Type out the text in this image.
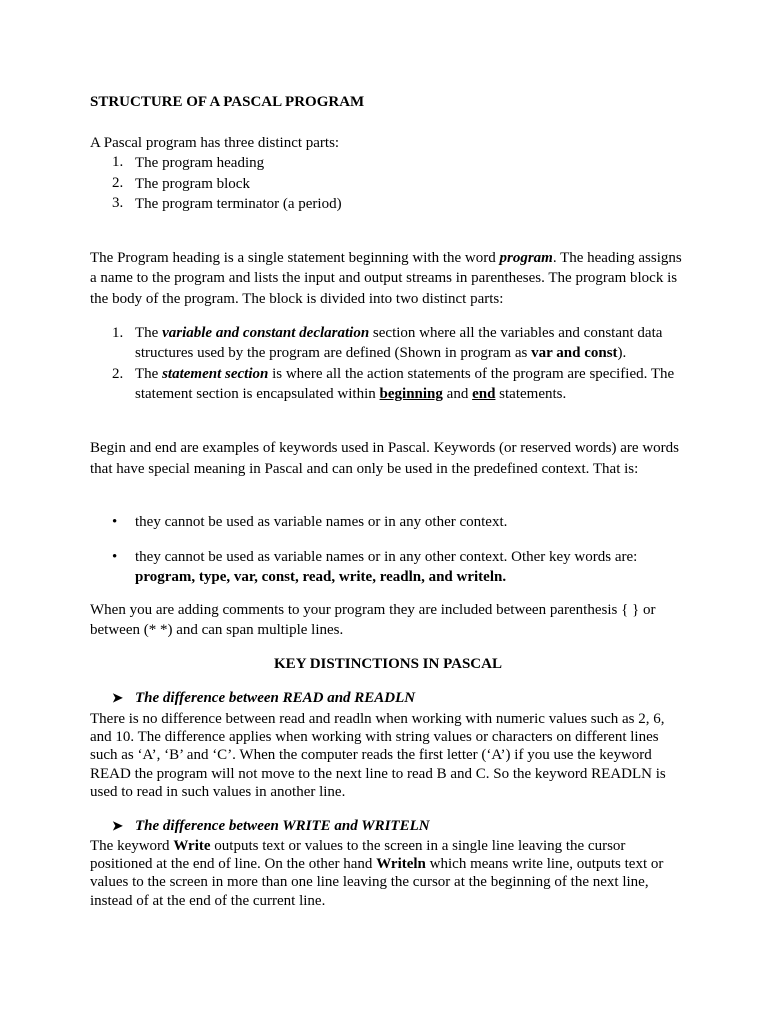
STRUCTURE OF A PASCAL PROGRAM
A Pascal program has three distinct parts:
1. The program heading
2. The program block
3. The program terminator (a period)
The Program heading is a single statement beginning with the word program. The heading assigns a name to the program and lists the input and output streams in parentheses. The program block is the body of the program. The block is divided into two distinct parts:
1. The variable and constant declaration section where all the variables and constant data structures used by the program are defined (Shown in program as var and const).
2. The statement section is where all the action statements of the program are specified. The statement section is encapsulated within beginning and end statements.
Begin and end are examples of keywords used in Pascal. Keywords (or reserved words) are words that have special meaning in Pascal and can only be used in the predefined context. That is:
• they cannot be used as variable names or in any other context.
• they cannot be used as variable names or in any other context. Other key words are:
program, type, var, const, read, write, readln, and writeln.
When you are adding comments to your program they are included between parenthesis { } or between (* *) and can span multiple lines.
KEY DISTINCTIONS IN PASCAL
➤ The difference between READ and READLN
There is no difference between read and readln when working with numeric values such as 2, 6, and 10. The difference applies when working with string values or characters on different lines such as ‘A’, ‘B’ and ‘C’. When the computer reads the first letter (‘A’) if you use the keyword READ the program will not move to the next line to read B and C. So the keyword READLN is used to read in such values in another line.
➤ The difference between WRITE and WRITELN
The keyword Write outputs text or values to the screen in a single line leaving the cursor positioned at the end of line. On the other hand Writeln which means write line, outputs text or values to the screen in more than one line leaving the cursor at the beginning of the next line, instead of at the end of the current line.
